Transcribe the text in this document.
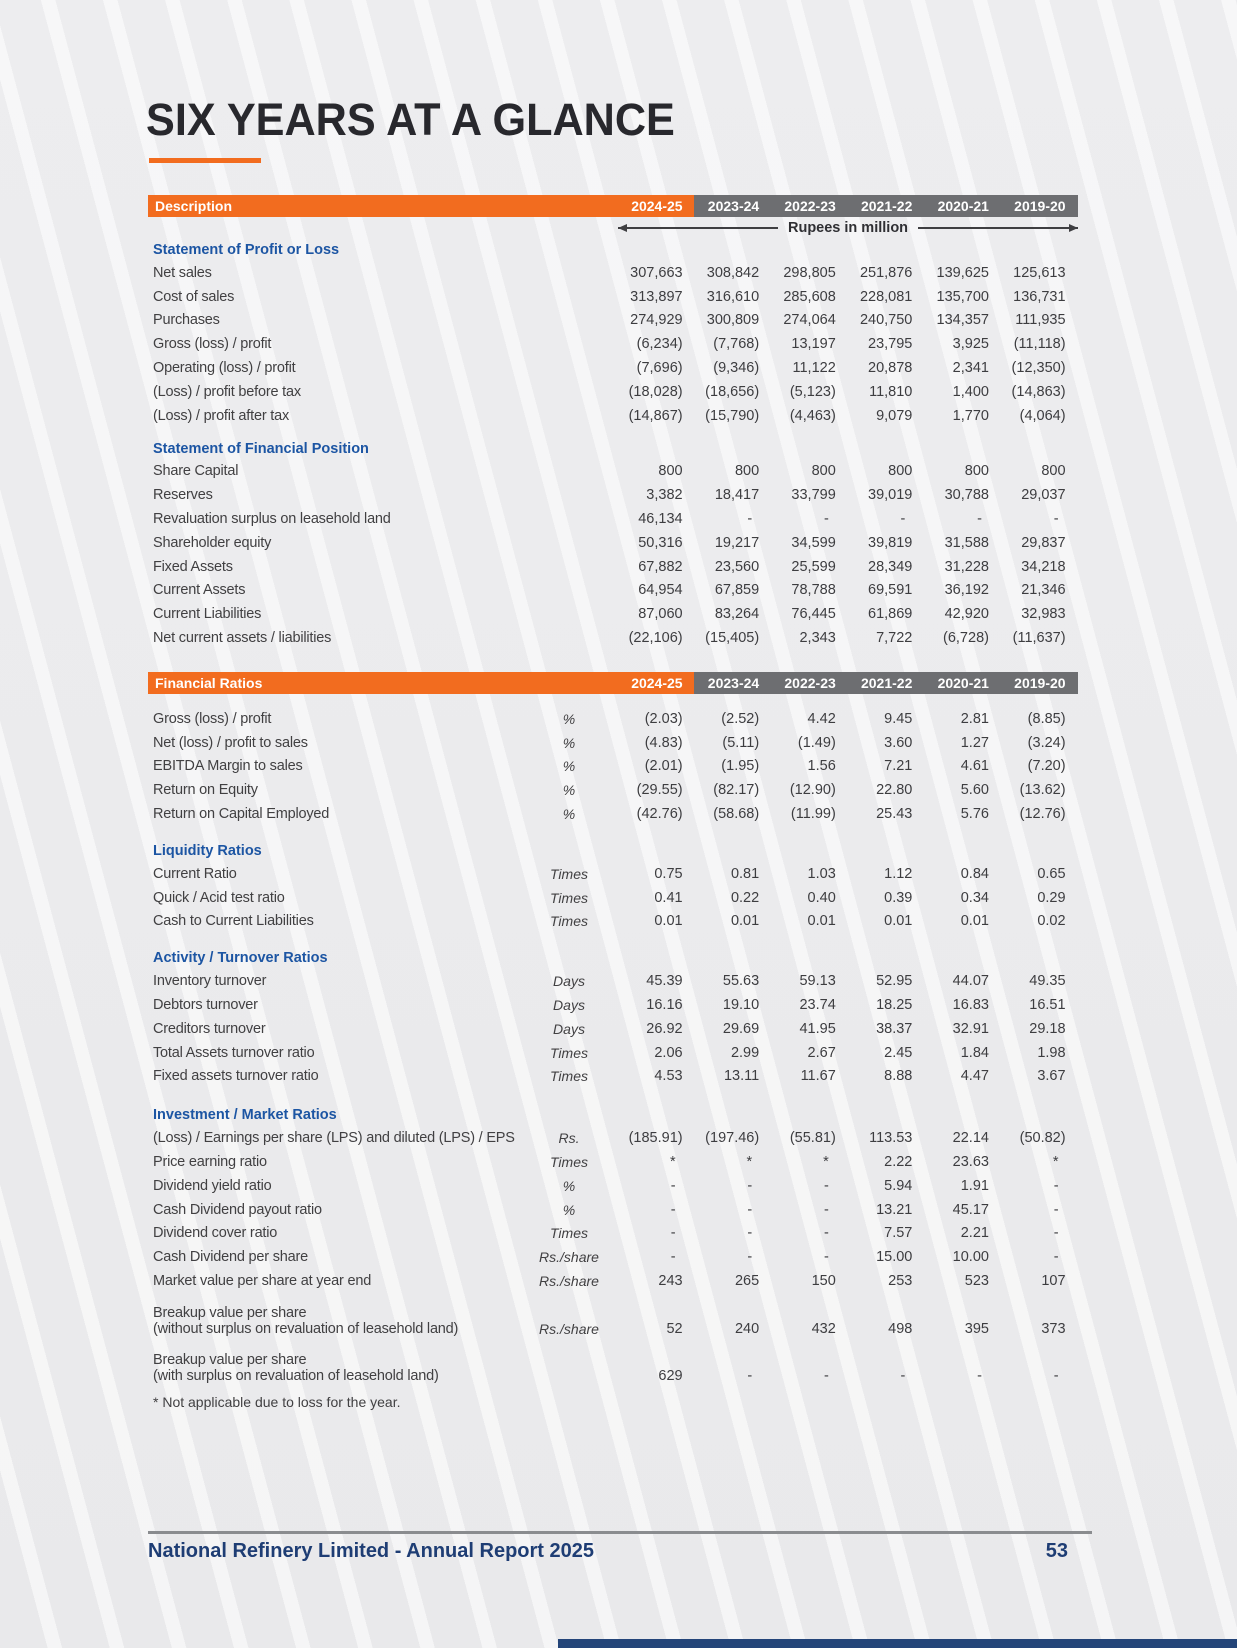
SIX YEARS AT A GLANCE
Description	2024-25	2023-24	2022-23	2021-22	2020-21	2019-20
Rupees in million
Statement of Profit or Loss
Net sales	307,663	308,842	298,805	251,876	139,625	125,613
Cost of sales	313,897	316,610	285,608	228,081	135,700	136,731
Purchases	274,929	300,809	274,064	240,750	134,357	111,935
Gross (loss) / profit	(6,234)	(7,768)	13,197	23,795	3,925	(11,118)
Operating (loss) / profit	(7,696)	(9,346)	11,122	20,878	2,341	(12,350)
(Loss) / profit before tax	(18,028)	(18,656)	(5,123)	11,810	1,400	(14,863)
(Loss) / profit after tax	(14,867)	(15,790)	(4,463)	9,079	1,770	(4,064)
Statement of Financial Position
Share Capital	800	800	800	800	800	800
Reserves	3,382	18,417	33,799	39,019	30,788	29,037
Revaluation surplus on leasehold land	46,134	-	-	-	-	-
Shareholder equity	50,316	19,217	34,599	39,819	31,588	29,837
Fixed Assets	67,882	23,560	25,599	28,349	31,228	34,218
Current Assets	64,954	67,859	78,788	69,591	36,192	21,346
Current Liabilities	87,060	83,264	76,445	61,869	42,920	32,983
Net current assets / liabilities	(22,106)	(15,405)	2,343	7,722	(6,728)	(11,637)
Financial Ratios	2024-25	2023-24	2022-23	2021-22	2020-21	2019-20
Gross (loss) / profit	%	(2.03)	(2.52)	4.42	9.45	2.81	(8.85)
Net (loss) / profit to sales	%	(4.83)	(5.11)	(1.49)	3.60	1.27	(3.24)
EBITDA Margin to sales	%	(2.01)	(1.95)	1.56	7.21	4.61	(7.20)
Return on Equity	%	(29.55)	(82.17)	(12.90)	22.80	5.60	(13.62)
Return on Capital Employed	%	(42.76)	(58.68)	(11.99)	25.43	5.76	(12.76)
Liquidity Ratios
Current Ratio	Times	0.75	0.81	1.03	1.12	0.84	0.65
Quick / Acid test ratio	Times	0.41	0.22	0.40	0.39	0.34	0.29
Cash to Current Liabilities	Times	0.01	0.01	0.01	0.01	0.01	0.02
Activity / Turnover Ratios
Inventory turnover	Days	45.39	55.63	59.13	52.95	44.07	49.35
Debtors turnover	Days	16.16	19.10	23.74	18.25	16.83	16.51
Creditors turnover	Days	26.92	29.69	41.95	38.37	32.91	29.18
Total Assets turnover ratio	Times	2.06	2.99	2.67	2.45	1.84	1.98
Fixed assets turnover ratio	Times	4.53	13.11	11.67	8.88	4.47	3.67
Investment / Market Ratios
(Loss) / Earnings per share (LPS) and diluted (LPS) / EPS	Rs.	(185.91)	(197.46)	(55.81)	113.53	22.14	(50.82)
Price earning ratio	Times	*	*	*	2.22	23.63	*
Dividend yield ratio	%	-	-	-	5.94	1.91	-
Cash Dividend payout ratio	%	-	-	-	13.21	45.17	-
Dividend cover ratio	Times	-	-	-	7.57	2.21	-
Cash Dividend per share	Rs./share	-	-	-	15.00	10.00	-
Market value per share at year end	Rs./share	243	265	150	253	523	107
Breakup value per share
(without surplus on revaluation of leasehold land)	Rs./share	52	240	432	498	395	373
Breakup value per share
(with surplus on revaluation of leasehold land)	629	-	-	-	-	-
* Not applicable due to loss for the year.
National Refinery Limited - Annual Report 2025	53
